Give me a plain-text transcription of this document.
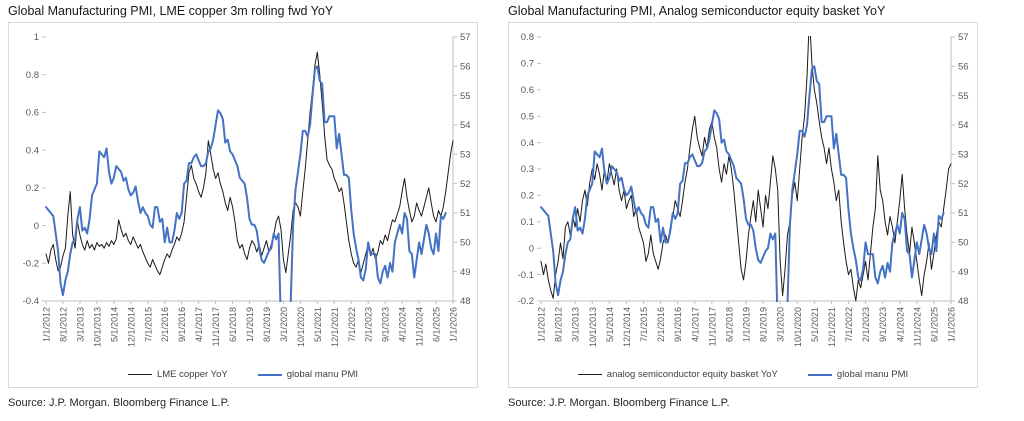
Global Manufacturing PMI, LME copper 3m rolling fwd YoY
1/1/2012 8/1/2012 3/1/2013 10/1/2013 5/1/2014 12/1/2014 7/1/2015 2/1/2016 9/1/2016 4/1/2017 11/1/2017 6/1/2018 1/1/2019 8/1/2019 3/1/2020 10/1/2020 5/1/2021 12/1/2021 7/1/2022 2/1/2023 9/1/2023 4/1/2024 11/1/2024 6/1/2025 1/1/2026
1
0.8
0.6
0.4
0.2
0
-0.2
-0.4
57
56
55
54
53
52
51
50
49
48
LME copper YoY	global manu PMI
Source: J.P. Morgan. Bloomberg Finance L.P.
Global Manufacturing PMI, Analog semiconductor equity basket YoY
1/1/2012 8/1/2012 3/1/2013 10/1/2013 5/1/2014 12/1/2014 7/1/2015 2/1/2016 9/1/2016 4/1/2017 11/1/2017 6/1/2018 1/1/2019 8/1/2019 3/1/2020 10/1/2020 5/1/2021 12/1/2021 7/1/2022 2/1/2023 9/1/2023 4/1/2024 11/1/2024 6/1/2025 1/1/2026
0.8
0.7
0.6
0.5
0.4
0.3
0.2
0.1
0
-0.1
-0.2
57
56
55
54
53
52
51
50
49
48
analog semiconductor equity basket YoY	global manu PMI
Source: J.P. Morgan. Bloomberg Finance L.P.
